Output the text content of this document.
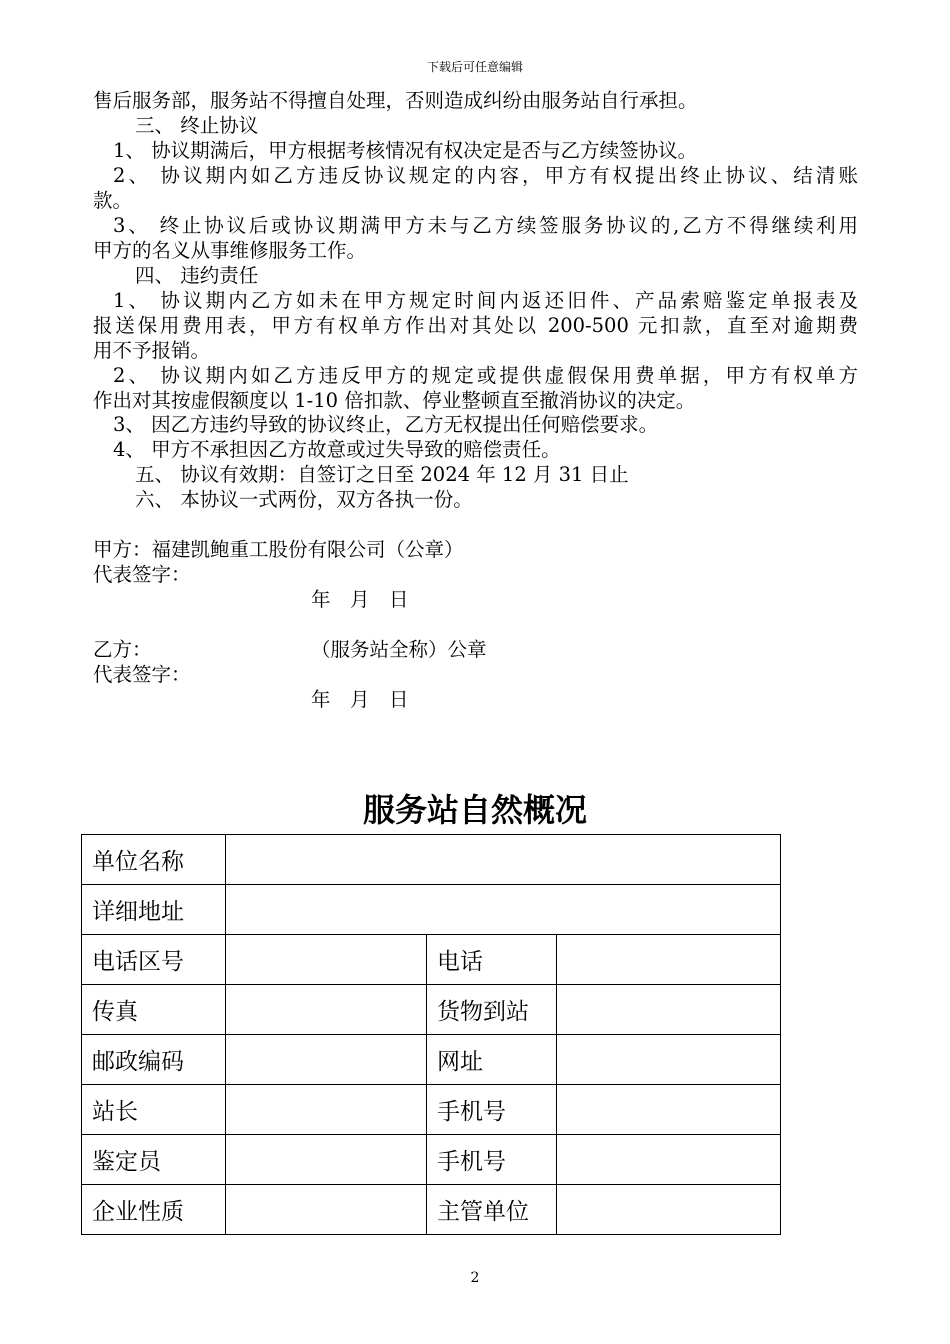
下载后可任意编辑
售后服务部，服务站不得擅自处理，否则造成纠纷由服务站自行承担。
三、 终止协议
1、 协议期满后，甲方根据考核情况有权决定是否与乙方续签协议。
2、 协议期内如乙方违反协议规定的内容，甲方有权提出终止协议、结清账
款。
3、 终止协议后或协议期满甲方未与乙方续签服务协议的,乙方不得继续利用
甲方的名义从事维修服务工作。
四、 违约责任
1、 协议期内乙方如未在甲方规定时间内返还旧件、产品索赔鉴定单报表及
报送保用费用表，甲方有权单方作出对其处以 200-500 元扣款，直至对逾期费
用不予报销。
2、 协议期内如乙方违反甲方的规定或提供虚假保用费单据，甲方有权单方
作出对其按虚假额度以 1-10 倍扣款、停业整顿直至撤消协议的决定。
3、 因乙方违约导致的协议终止，乙方无权提出任何赔偿要求。
4、 甲方不承担因乙方故意或过失导致的赔偿责任。
五、 协议有效期：自签订之日至 2024 年 12 月 31 日止
六、 本协议一式两份，双方各执一份。
甲方：福建凯鲍重工股份有限公司（公章）
代表签字：
年　月　日
乙方：	（服务站全称）公章
代表签字：
年　月　日
服务站自然概况
单位名称			
详细地址			
电话区号		电话	
传真		货物到站	
邮政编码		网址	
站长		手机号	
鉴定员		手机号	
企业性质		主管单位	
2
